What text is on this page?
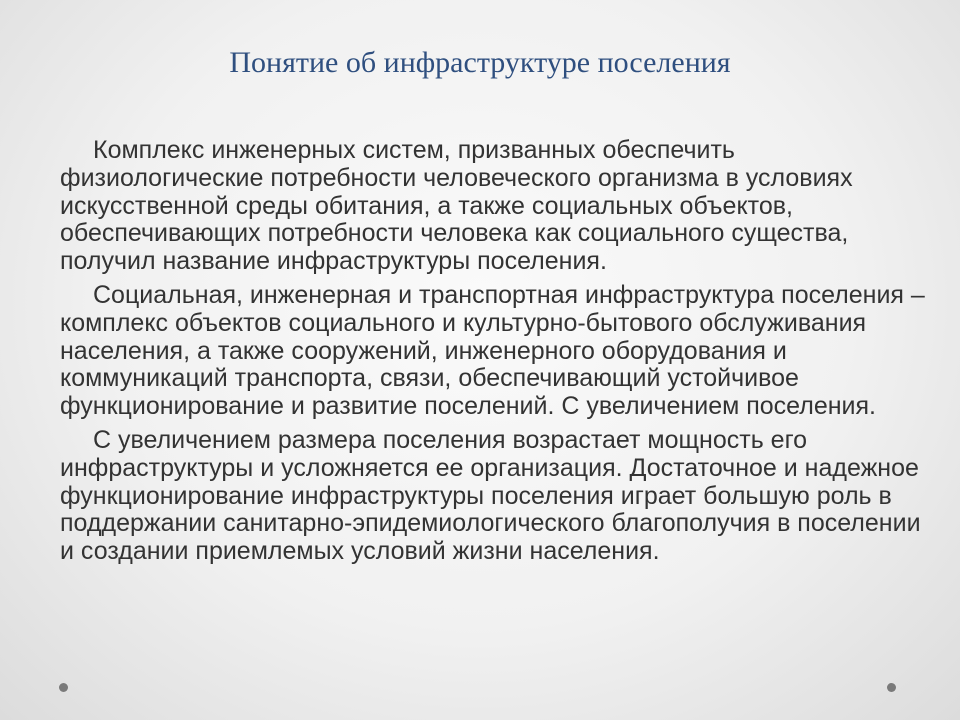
Понятие об инфраструктуре поселения

Комплекс инженерных систем, призванных обеспечить физиологические потребности человеческого организма в условиях искусственной среды обитания, а также социальных объектов, обеспечивающих потребности человека как социального существа, получил название инфраструктуры поселения.

Социальная, инженерная и транспортная инфраструктура поселения – комплекс объектов социального и культурно-бытового обслуживания населения, а также сооружений, инженерного оборудования и коммуникаций транспорта, связи, обеспечивающий устойчивое функционирование и развитие поселений. С увеличением поселения.

С увеличением размера поселения возрастает мощность его инфраструктуры и усложняется ее организация. Достаточное и надежное функционирование инфраструктуры поселения играет большую роль в поддержании санитарно-эпидемиологического благополучия в поселении и создании приемлемых условий жизни населения.
